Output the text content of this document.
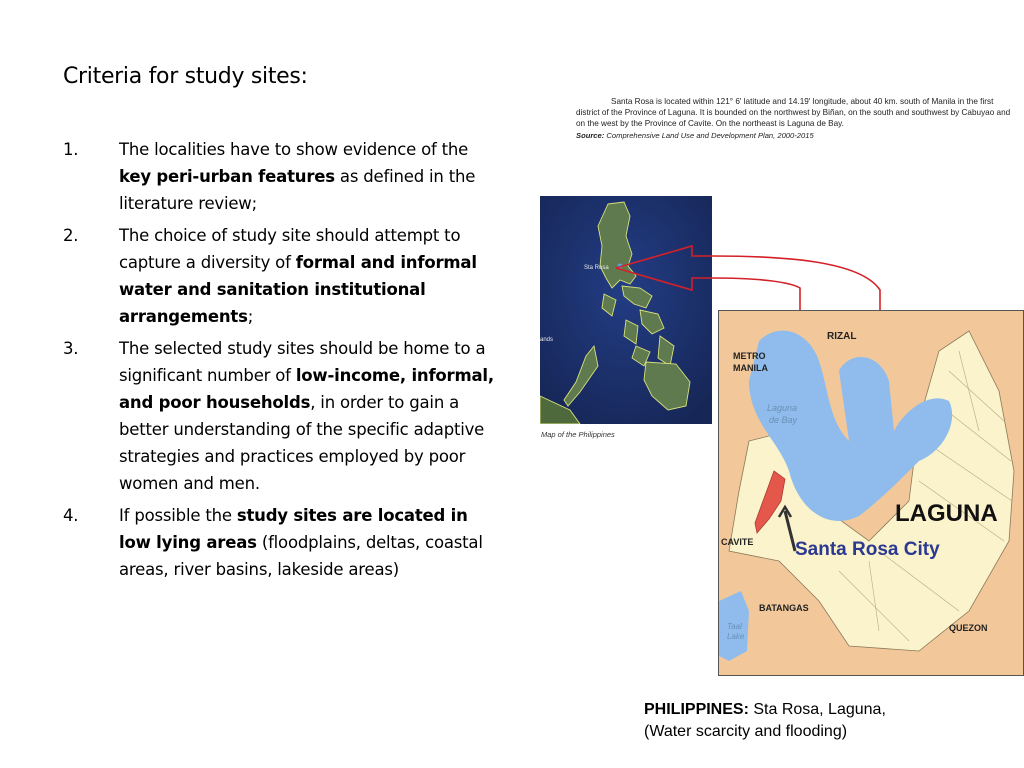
Criteria for study sites:
1.	The localities have to show evidence of the key peri-urban features as defined in the literature review;
2.	The choice of study site should attempt to capture a diversity of formal and informal water and sanitation institutional arrangements;
3.	The selected study sites should be home to a significant number of low-income, informal, and poor households, in order to gain a better understanding of the specific adaptive strategies and practices employed by poor women and men.
4.	If possible the study sites are located in low lying areas (floodplains, deltas, coastal areas, river basins, lakeside areas)

Santa Rosa is located within 121° 6' latitude and 14.19' longitude, about 40 km. south of Manila in the first district of the Province of Laguna. It is bounded on the northwest by Biñan, on the south and southwest by Cabuyao and on the west by the Province of Cavite. On the northeast is Laguna de Bay.

Source: Comprehensive Land Use and Development Plan, 2000-2015
Sta Rosa
ands
Map of the Philippines
RIZAL
METRO
MANILA
Laguna
de Bay
LAGUNA
Santa Rosa City
CAVITE
BATANGAS
Taal
Lake
QUEZON
PHILIPPINES: Sta Rosa, Laguna,
(Water scarcity and flooding)
